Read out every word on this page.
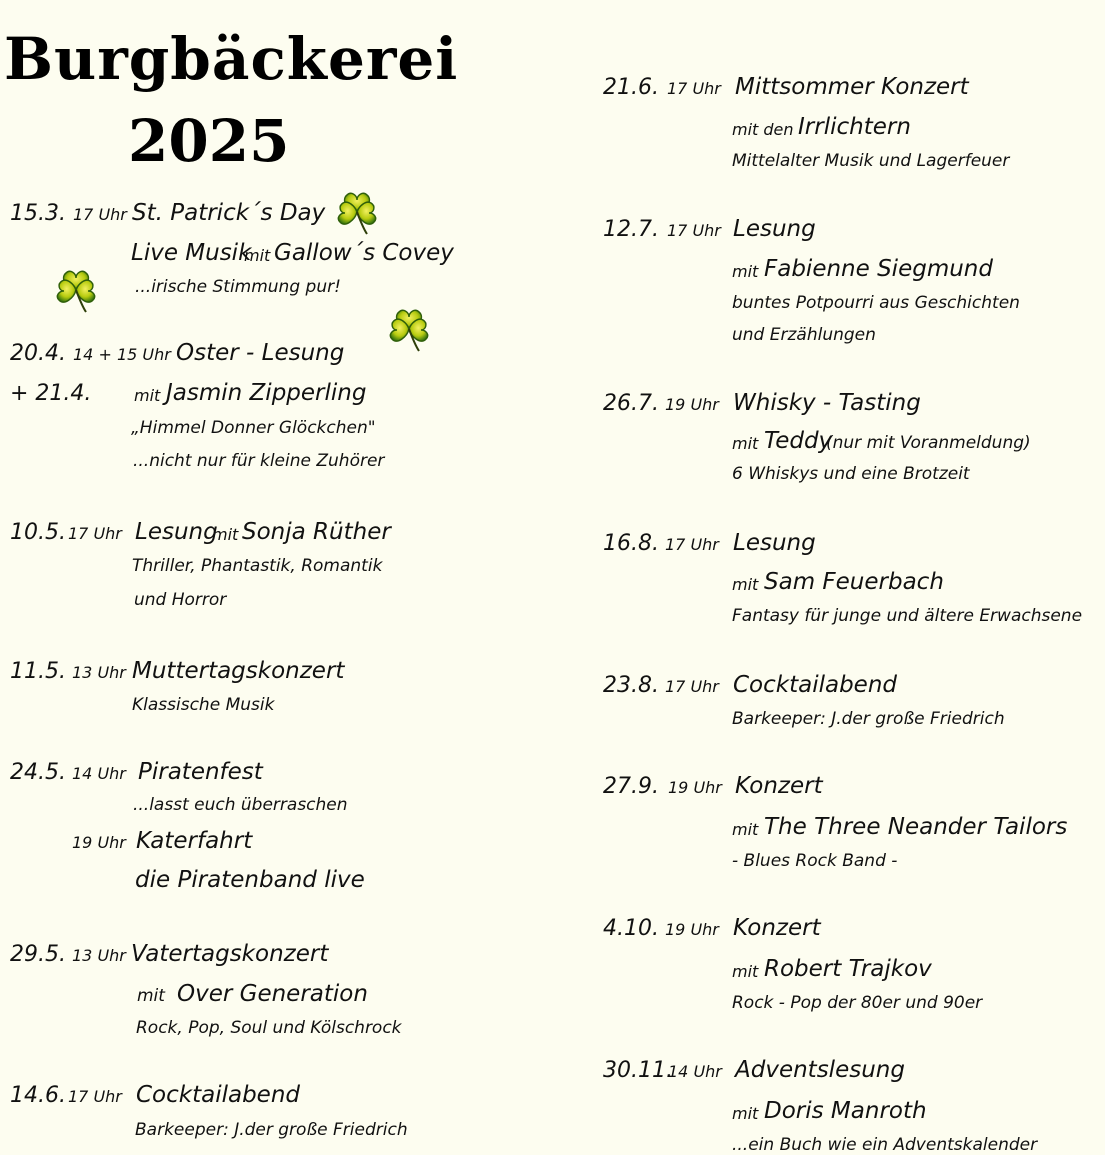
Burgbäckerei
2025
15.3. 17 Uhr St. Patrick´s Day
Live Musik
mit Gallow´s Covey
...irische Stimmung pur!
20.4.
+ 21.4.
14 + 15 Uhr Oster - Lesung
mit Jasmin Zipperling
„Himmel Donner Glöckchen"
...nicht nur für kleine Zuhörer
10.5. 17 Uhr Lesung
mit Sonja Rüther
Thriller, Phantastik, Romantik
und Horror
11.5. 13 Uhr Muttertagskonzert
Klassische Musik
24.5. 14 Uhr Piratenfest
...lasst euch überraschen
19 Uhr Katerfahrt
die Piratenband live
29.5. 13 Uhr Vatertagskonzert
mit Over Generation
Rock, Pop, Soul und Kölschrock
14.6. 17 Uhr Cocktailabend
Barkeeper: J.der große Friedrich
21.6. 17 Uhr Mittsommer Konzert
mit den Irrlichtern
Mittelalter Musik und Lagerfeuer
12.7. 17 Uhr Lesung
mit Fabienne Siegmund
buntes Potpourri aus Geschichten
und Erzählungen
26.7. 19 Uhr Whisky - Tasting
mit Teddy
(nur mit Voranmeldung)
6 Whiskys und eine Brotzeit
16.8. 17 Uhr Lesung
mit Sam Feuerbach
Fantasy für junge und ältere Erwachsene
23.8. 17 Uhr Cocktailabend
Barkeeper: J.der große Friedrich
27.9. 19 Uhr Konzert
mit The Three Neander Tailors
- Blues Rock Band -
4.10. 19 Uhr Konzert
mit Robert Trajkov
Rock - Pop der 80er und 90er
30.11.
14 Uhr Adventslesung
mit Doris Manroth
...ein Buch wie ein Adventskalender
